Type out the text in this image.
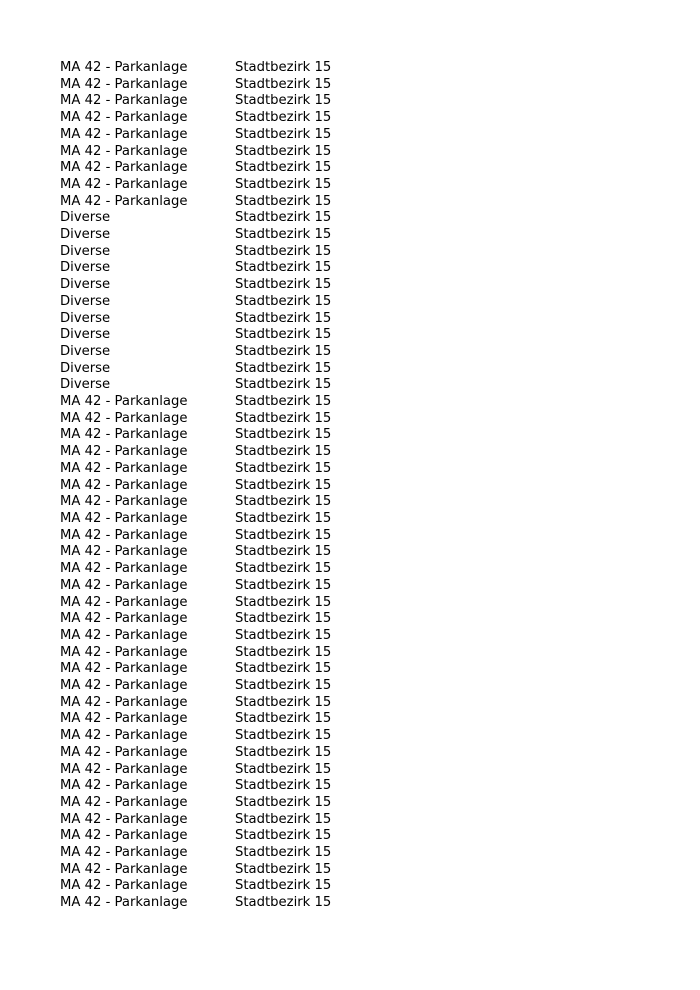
MA 42 - Parkanlage	Stadtbezirk 15	
MA 42 - Parkanlage	Stadtbezirk 15	
MA 42 - Parkanlage	Stadtbezirk 15	
MA 42 - Parkanlage	Stadtbezirk 15	
MA 42 - Parkanlage	Stadtbezirk 15	
MA 42 - Parkanlage	Stadtbezirk 15	
MA 42 - Parkanlage	Stadtbezirk 15	
MA 42 - Parkanlage	Stadtbezirk 15	
MA 42 - Parkanlage	Stadtbezirk 15	
Diverse	Stadtbezirk 15	
Diverse	Stadtbezirk 15	
Diverse	Stadtbezirk 15	
Diverse	Stadtbezirk 15	
Diverse	Stadtbezirk 15	
Diverse	Stadtbezirk 15	
Diverse	Stadtbezirk 15	
Diverse	Stadtbezirk 15	
Diverse	Stadtbezirk 15	
Diverse	Stadtbezirk 15	
Diverse	Stadtbezirk 15	
MA 42 - Parkanlage	Stadtbezirk 15	
MA 42 - Parkanlage	Stadtbezirk 15	
MA 42 - Parkanlage	Stadtbezirk 15	
MA 42 - Parkanlage	Stadtbezirk 15	
MA 42 - Parkanlage	Stadtbezirk 15	
MA 42 - Parkanlage	Stadtbezirk 15	
MA 42 - Parkanlage	Stadtbezirk 15	
MA 42 - Parkanlage	Stadtbezirk 15	
MA 42 - Parkanlage	Stadtbezirk 15	
MA 42 - Parkanlage	Stadtbezirk 15	
MA 42 - Parkanlage	Stadtbezirk 15	
MA 42 - Parkanlage	Stadtbezirk 15	
MA 42 - Parkanlage	Stadtbezirk 15	
MA 42 - Parkanlage	Stadtbezirk 15	
MA 42 - Parkanlage	Stadtbezirk 15	
MA 42 - Parkanlage	Stadtbezirk 15	
MA 42 - Parkanlage	Stadtbezirk 15	
MA 42 - Parkanlage	Stadtbezirk 15	
MA 42 - Parkanlage	Stadtbezirk 15	
MA 42 - Parkanlage	Stadtbezirk 15	
MA 42 - Parkanlage	Stadtbezirk 15	
MA 42 - Parkanlage	Stadtbezirk 15	
MA 42 - Parkanlage	Stadtbezirk 15	
MA 42 - Parkanlage	Stadtbezirk 15	
MA 42 - Parkanlage	Stadtbezirk 15	
MA 42 - Parkanlage	Stadtbezirk 15	
MA 42 - Parkanlage	Stadtbezirk 15	
MA 42 - Parkanlage	Stadtbezirk 15	
MA 42 - Parkanlage	Stadtbezirk 15	
MA 42 - Parkanlage	Stadtbezirk 15	
MA 42 - Parkanlage	Stadtbezirk 15	
